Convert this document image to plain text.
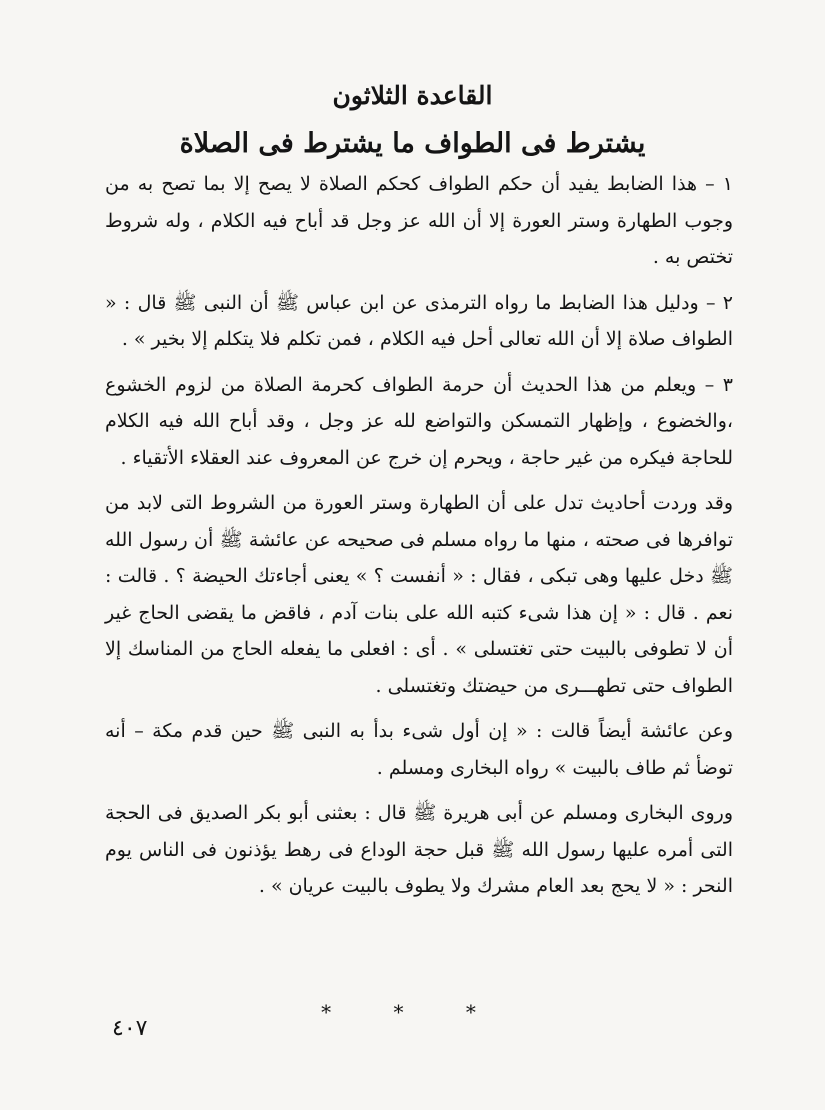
القاعدة الثلاثون
يشترط فى الطواف ما يشترط فى الصلاة

١ – هذا الضابط يفيد أن حكم الطواف كحكم الصلاة لا يصح إلا بما تصح به من وجوب الطهارة وستر العورة إلا أن الله عز وجل قد أباح فيه الكلام ، وله شروط تختص به .

٢ – ودليل هذا الضابط ما رواه الترمذى عن ابن عباس ﷺ أن النبى ﷺ قال : « الطواف صلاة إلا أن الله تعالى أحل فيه الكلام ، فمن تكلم فلا يتكلم إلا بخير » .

٣ – ويعلم من هذا الحديث أن حرمة الطواف كحرمة الصلاة من لزوم الخشوع ،والخضوع ، وإظهار التمسكن والتواضع لله عز وجل ، وقد أباح الله فيه الكلام للحاجة فيكره من غير حاجة ، ويحرم إن خرج عن المعروف عند العقلاء الأتقياء .

وقد وردت أحاديث تدل على أن الطهارة وستر العورة من الشروط التى لابد من توافرها فى صحته ، منها ما رواه مسلم فى صحيحه عن عائشة ﷺ أن رسول الله ﷺ دخل عليها وهى تبكى ، فقال : « أنفست ؟ » يعنى أجاءتك الحيضة ؟ . قالت : نعم . قال : « إن هذا شىء كتبه الله على بنات آدم ، فاقض ما يقضى الحاج غير أن لا تطوفى بالبيت حتى تغتسلى » . أى : افعلى ما يفعله الحاج من المناسك إلا الطواف حتى تطهـــرى من حيضتك وتغتسلى .

وعن عائشة أيضاً قالت : « إن أول شىء بدأ به النبى ﷺ حين قدم مكة – أنه توضأ ثم طاف بالبيت » رواه البخارى ومسلم .

وروى البخارى ومسلم عن أبى هريرة ﷺ قال : بعثنى أبو بكر الصديق فى الحجة التى أمره عليها رسول الله ﷺ قبل حجة الوداع فى رهط يؤذنون فى الناس يوم النحر : « لا يحج بعد العام مشرك ولا يطوف بالبيت عريان » .

* * *
٤٠٧
